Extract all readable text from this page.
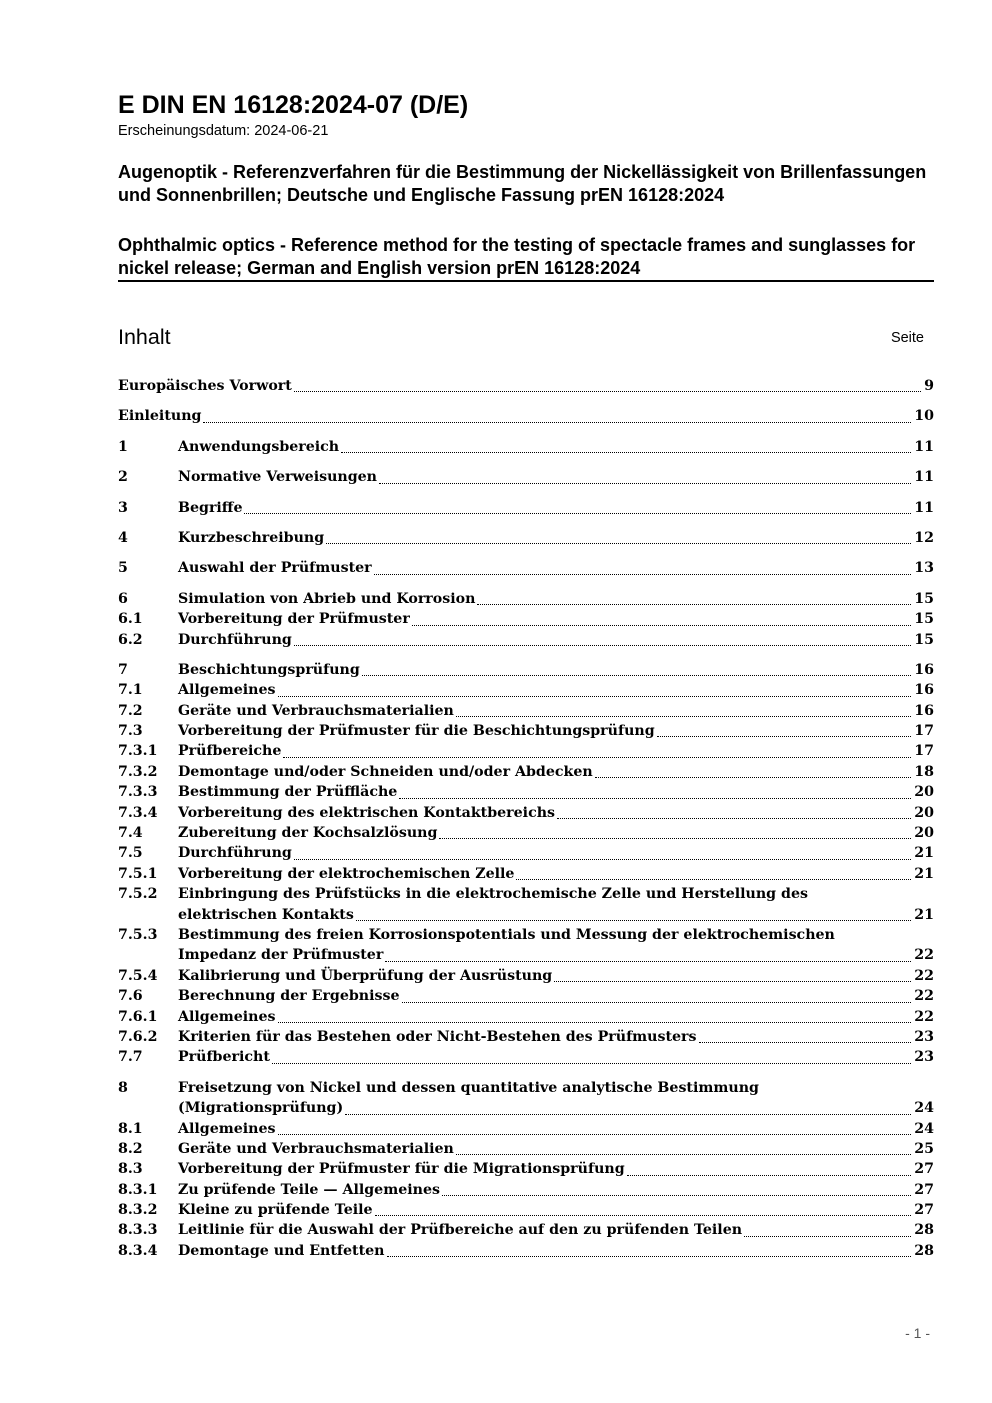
E DIN EN 16128:2024-07 (D/E)
Erscheinungsdatum: 2024-06-21
Augenoptik - Referenzverfahren für die Bestimmung der Nickellässigkeit von Brillenfassungen und Sonnenbrillen; Deutsche und Englische Fassung prEN 16128:2024
Ophthalmic optics - Reference method for the testing of spectacle frames and sunglasses for nickel release; German and English version prEN 16128:2024
Inhalt	Seite
Europäisches Vorwort	9
Einleitung	10
1	Anwendungsbereich	11
2	Normative Verweisungen	11
3	Begriffe	11
4	Kurzbeschreibung	12
5	Auswahl der Prüfmuster	13
6	Simulation von Abrieb und Korrosion	15
6.1	Vorbereitung der Prüfmuster	15
6.2	Durchführung	15
7	Beschichtungsprüfung	16
7.1	Allgemeines	16
7.2	Geräte und Verbrauchsmaterialien	16
7.3	Vorbereitung der Prüfmuster für die Beschichtungsprüfung	17
7.3.1	Prüfbereiche	17
7.3.2	Demontage und/oder Schneiden und/oder Abdecken	18
7.3.3	Bestimmung der Prüffläche	20
7.3.4	Vorbereitung des elektrischen Kontaktbereichs	20
7.4	Zubereitung der Kochsalzlösung	20
7.5	Durchführung	21
7.5.1	Vorbereitung der elektrochemischen Zelle	21
7.5.2	Einbringung des Prüfstücks in die elektrochemische Zelle und Herstellung des
elektrischen Kontakts	21
7.5.3	Bestimmung des freien Korrosionspotentials und Messung der elektrochemischen
Impedanz der Prüfmuster	22
7.5.4	Kalibrierung und Überprüfung der Ausrüstung	22
7.6	Berechnung der Ergebnisse	22
7.6.1	Allgemeines	22
7.6.2	Kriterien für das Bestehen oder Nicht-Bestehen des Prüfmusters	23
7.7	Prüfbericht	23
8	Freisetzung von Nickel und dessen quantitative analytische Bestimmung
(Migrationsprüfung)	24
8.1	Allgemeines	24
8.2	Geräte und Verbrauchsmaterialien	25
8.3	Vorbereitung der Prüfmuster für die Migrationsprüfung	27
8.3.1	Zu prüfende Teile — Allgemeines	27
8.3.2	Kleine zu prüfende Teile	27
8.3.3	Leitlinie für die Auswahl der Prüfbereiche auf den zu prüfenden Teilen	28
8.3.4	Demontage und Entfetten	28
- 1 -
